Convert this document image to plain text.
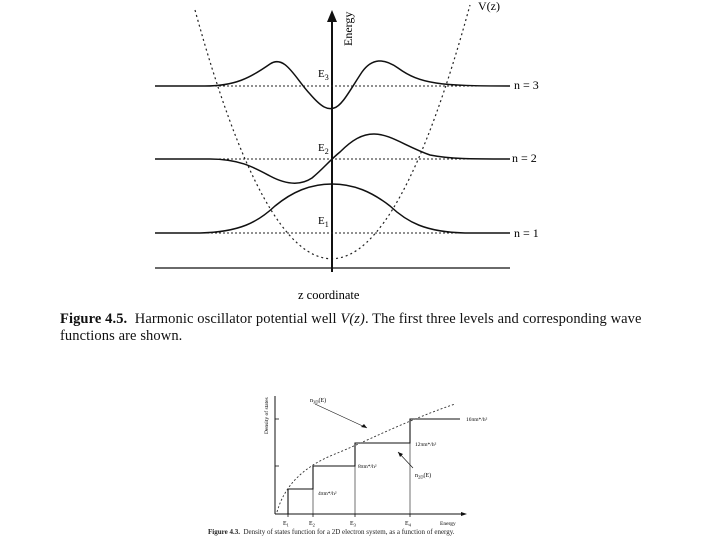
V(z)
Energy
$E_3$
$E_2$
$E_1$
n = 3
n = 2
n = 1
z coordinate
Figure 4.5. Harmonic oscillator potential well V(z). The first three levels and corresponding wave functions are shown.
Density of states	$n_{3D}(E)$
$n_{2D}(E)$
4πm*/h²
8πm*/h²
12πm*/h²
16πm*/h²
$E_1$	$E_2$	$E_3$	$E_4$	Energy
Figure 4.3. Density of states function for a 2D electron system, as a function of energy.
